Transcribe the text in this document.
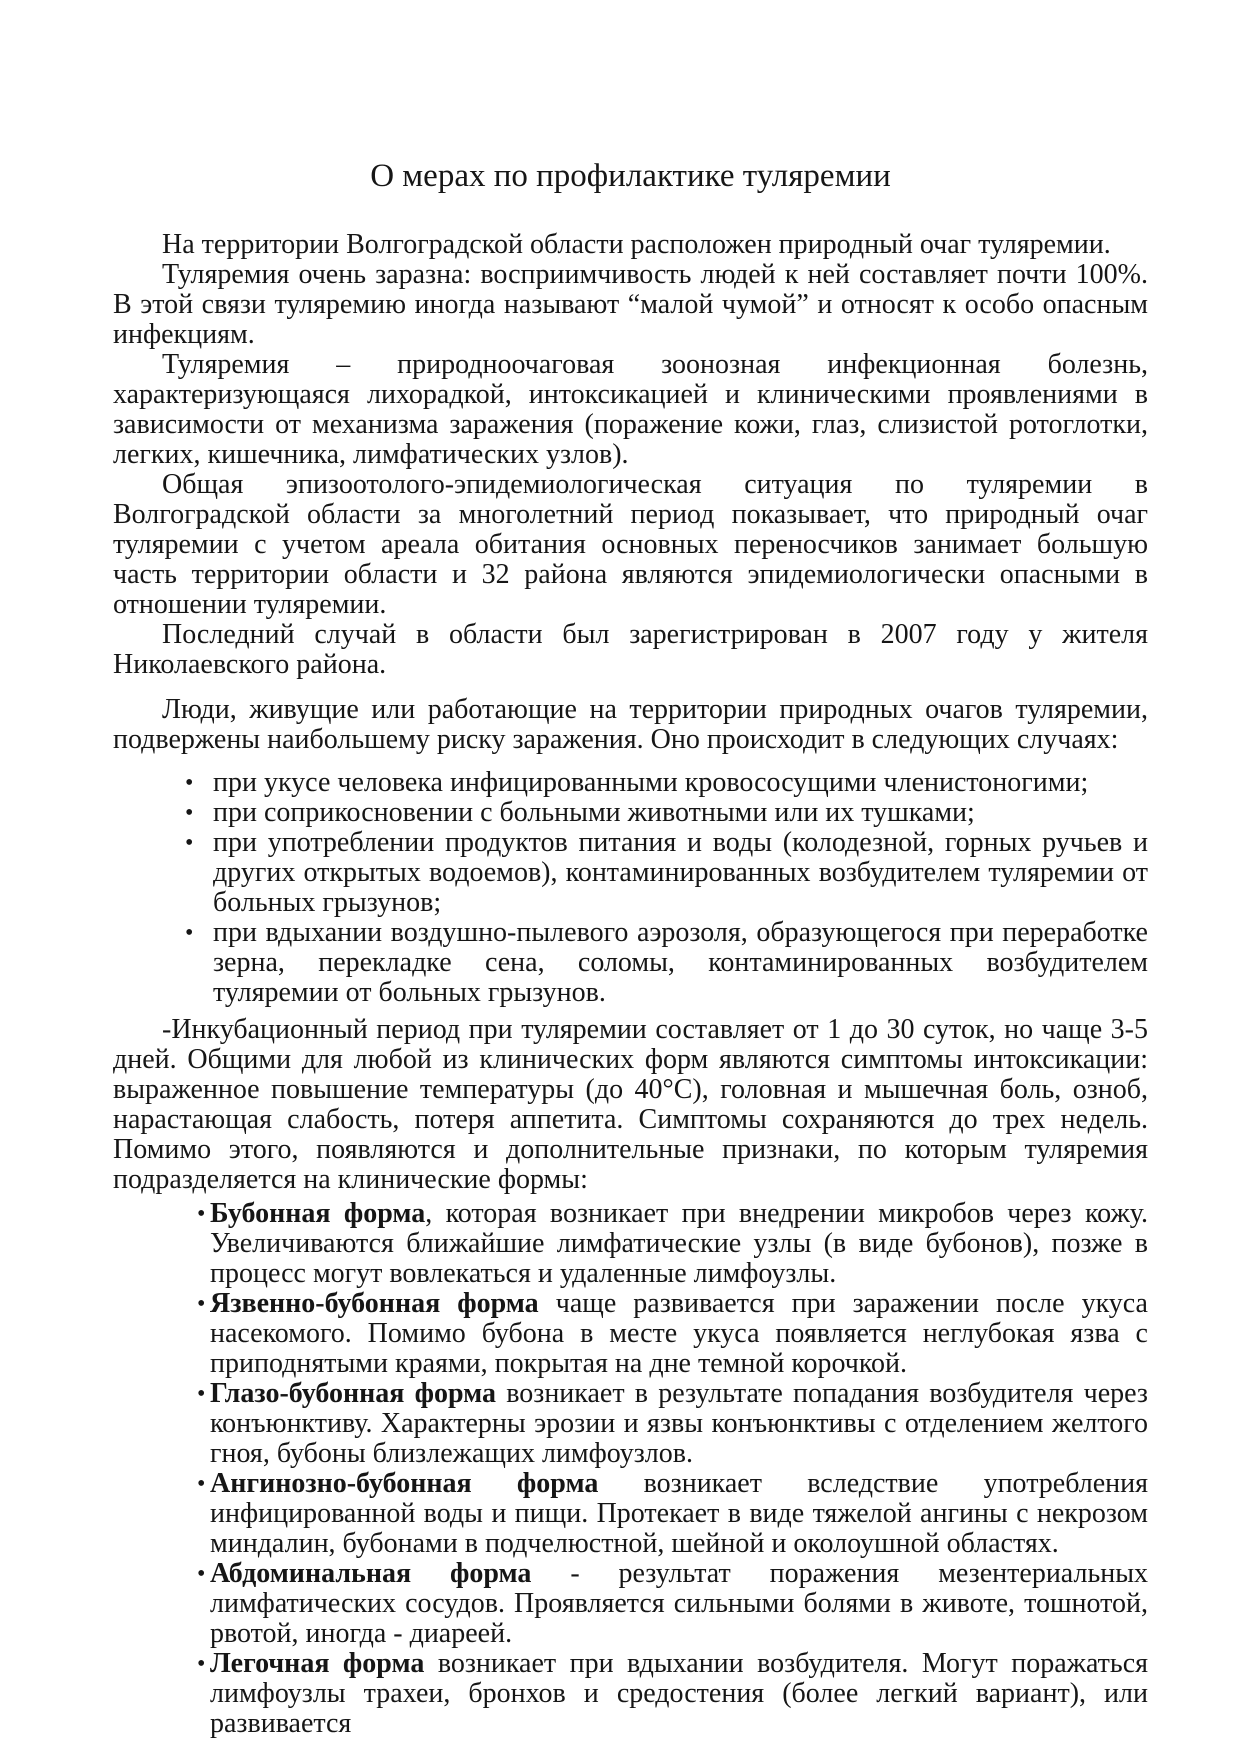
О мерах по профилактике туляремии

На территории Волгоградской области расположен природный очаг туляремии.

Туляремия очень заразна: восприимчивость людей к ней составляет почти 100%. В этой связи туляремию иногда называют “малой чумой” и относят к особо опасным инфекциям.

Туляремия – природноочаговая зоонозная инфекционная болезнь, характеризующаяся лихорадкой, интоксикацией и клиническими проявлениями в зависимости от механизма заражения (поражение кожи, глаз, слизистой ротоглотки, легких, кишечника, лимфатических узлов).

Общая эпизоотолого-эпидемиологическая ситуация по туляремии в Волгоградской области за многолетний период показывает, что природный очаг туляремии с учетом ареала обитания основных переносчиков занимает большую часть территории области и 32 района являются эпидемиологически опасными в отношении туляремии.

Последний случай в области был зарегистрирован в 2007 году у жителя Николаевского района.

Люди, живущие или работающие на территории природных очагов туляремии, подвержены наибольшему риску заражения. Оно происходит в следующих случаях:

• при укусе человека инфицированными кровососущими членистоногими;
• при соприкосновении с больными животными или их тушками;
• при употреблении продуктов питания и воды (колодезной, горных ручьев и других открытых водоемов), контаминированных возбудителем туляремии от больных грызунов;
• при вдыхании воздушно-пылевого аэрозоля, образующегося при переработке зерна, перекладке сена, соломы, контаминированных возбудителем туляремии от больных грызунов.

-Инкубационный период при туляремии составляет от 1 до 30 суток, но чаще 3-5 дней. Общими для любой из клинических форм являются симптомы интоксикации: выраженное повышение температуры (до 40°С), головная и мышечная боль, озноб, нарастающая слабость, потеря аппетита. Симптомы сохраняются до трех недель. Помимо этого, появляются и дополнительные признаки, по которым туляремия подразделяется на клинические формы:

• Бубонная форма, которая возникает при внедрении микробов через кожу. Увеличиваются ближайшие лимфатические узлы (в виде бубонов), позже в процесс могут вовлекаться и удаленные лимфоузлы.
• Язвенно-бубонная форма чаще развивается при заражении после укуса насекомого. Помимо бубона в месте укуса появляется неглубокая язва с приподнятыми краями, покрытая на дне темной корочкой.
• Глазо-бубонная форма возникает в результате попадания возбудителя через конъюнктиву. Характерны эрозии и язвы конъюнктивы с отделением желтого гноя, бубоны близлежащих лимфоузлов.
• Ангинозно-бубонная форма возникает вследствие употребления инфицированной воды и пищи. Протекает в виде тяжелой ангины с некрозом миндалин, бубонами в подчелюстной, шейной и околоушной областях.
• Абдоминальная форма - результат поражения мезентериальных лимфатических сосудов. Проявляется сильными болями в животе, тошнотой, рвотой, иногда - диареей.
• Легочная форма возникает при вдыхании возбудителя. Могут поражаться лимфоузлы трахеи, бронхов и средостения (более легкий вариант), или развивается
